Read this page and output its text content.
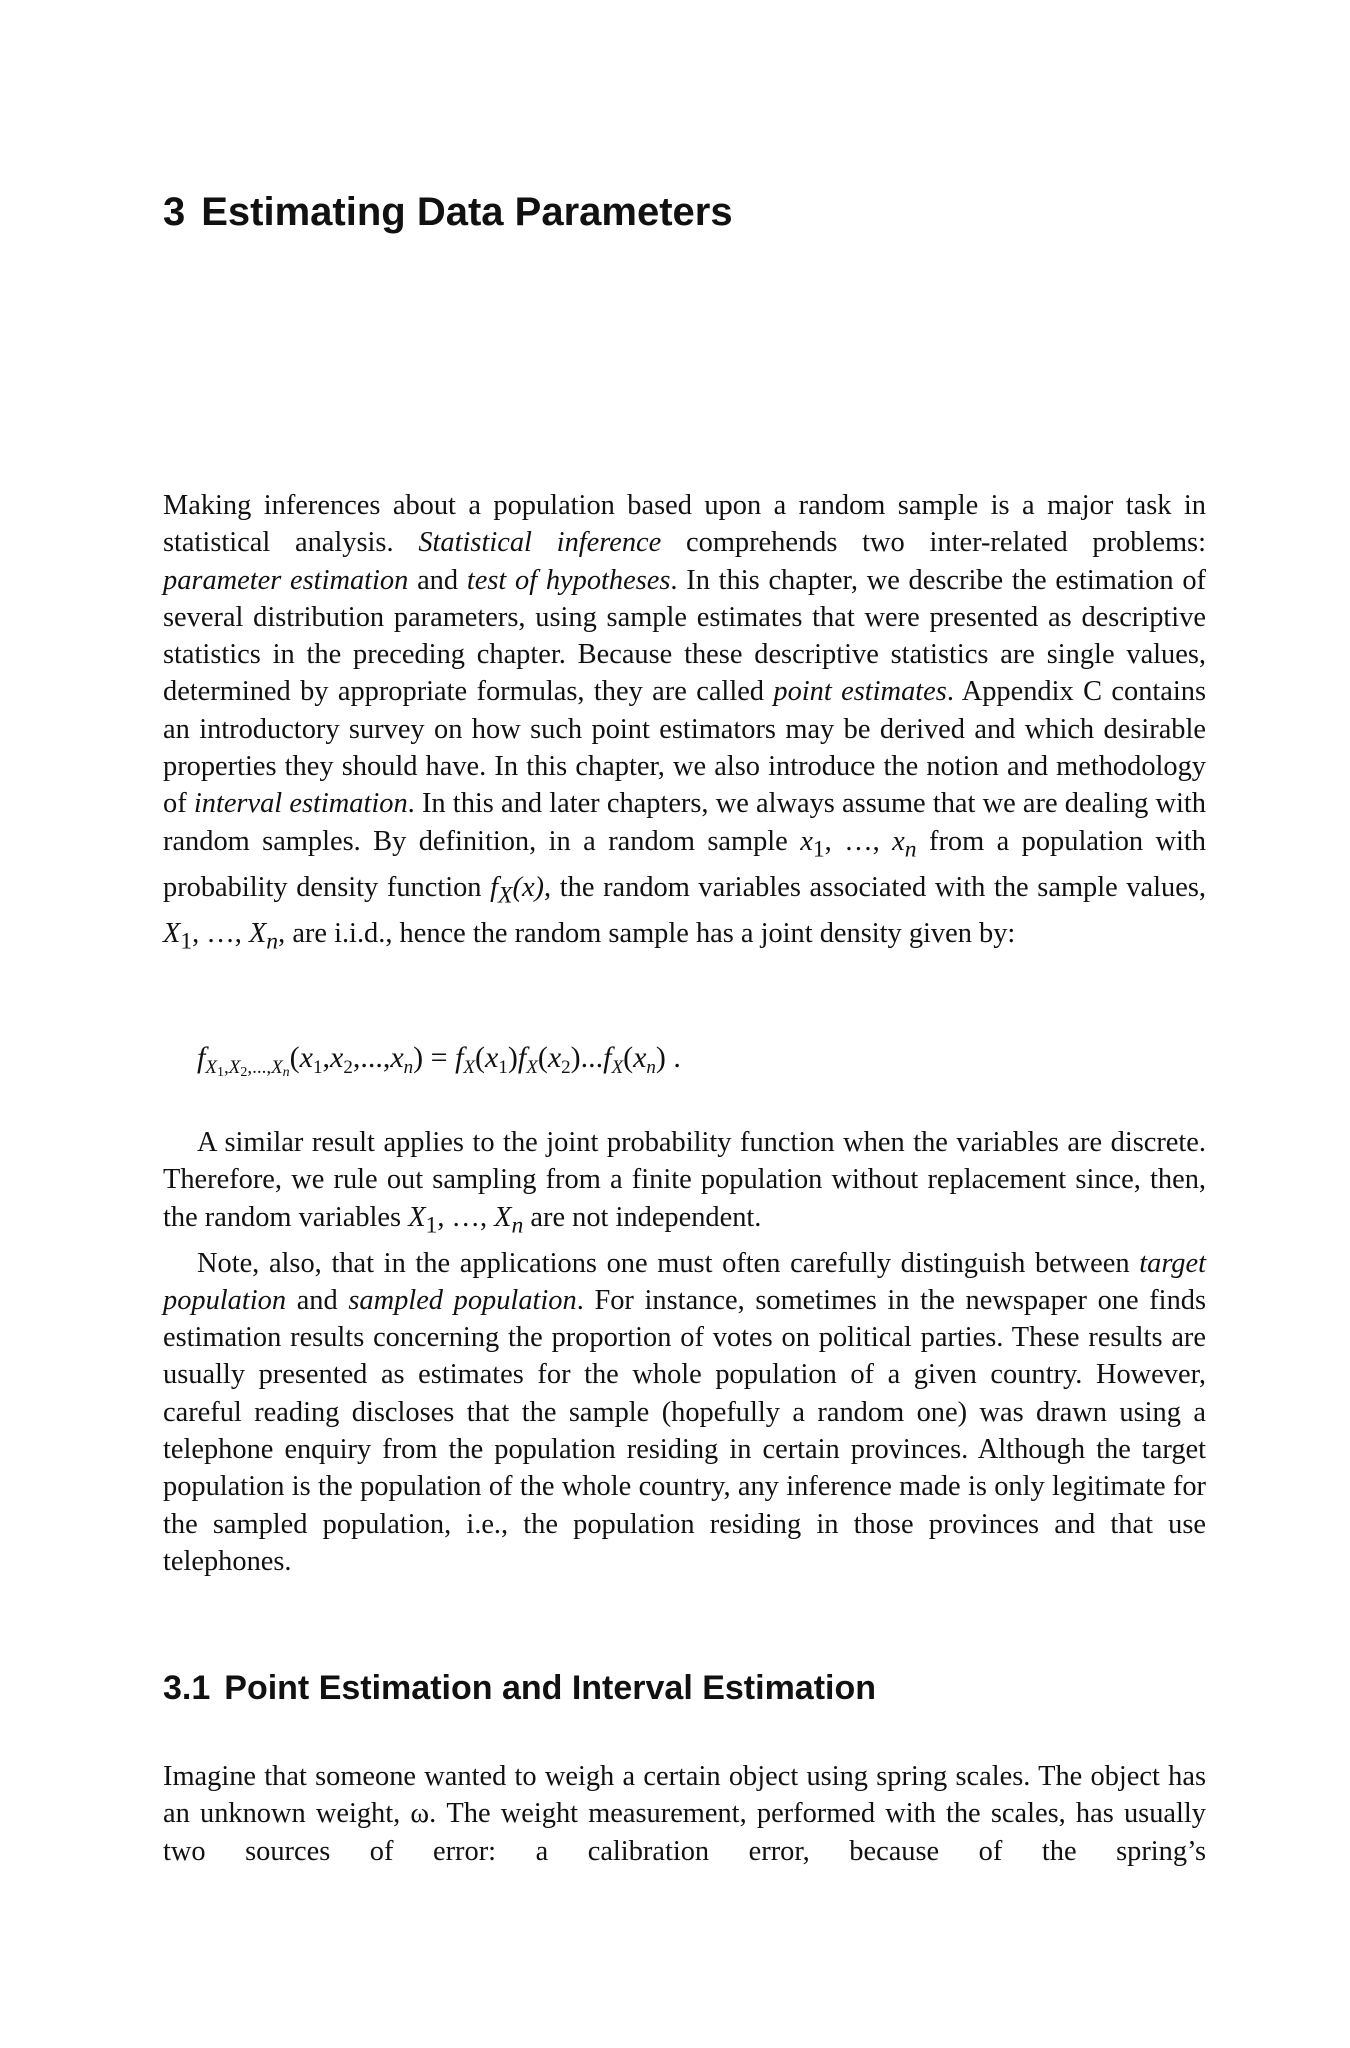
3 Estimating Data Parameters

Making inferences about a population based upon a random sample is a major task in statistical analysis. Statistical inference comprehends two inter-related problems: parameter estimation and test of hypotheses. In this chapter, we describe the estimation of several distribution parameters, using sample estimates that were presented as descriptive statistics in the preceding chapter. Because these descriptive statistics are single values, determined by appropriate formulas, they are called point estimates. Appendix C contains an introductory survey on how such point estimators may be derived and which desirable properties they should have. In this chapter, we also introduce the notion and methodology of interval estimation. In this and later chapters, we always assume that we are dealing with random samples. By definition, in a random sample $x_1$, …, $x_n$ from a population with probability density function $f_X(x)$, the random variables associated with the sample values, $X_1$, …, $X_n$, are i.i.d., hence the random sample has a joint density given by:

$f_{X_1,X_2,...,X_n}(x_1,x_2,...,x_n) = f_X(x_1)f_X(x_2)...f_X(x_n)$ .

A similar result applies to the joint probability function when the variables are discrete. Therefore, we rule out sampling from a finite population without replacement since, then, the random variables $X_1$, …, $X_n$ are not independent.

Note, also, that in the applications one must often carefully distinguish between target population and sampled population. For instance, sometimes in the newspaper one finds estimation results concerning the proportion of votes on political parties. These results are usually presented as estimates for the whole population of a given country. However, careful reading discloses that the sample (hopefully a random one) was drawn using a telephone enquiry from the population residing in certain provinces. Although the target population is the population of the whole country, any inference made is only legitimate for the sampled population, i.e., the population residing in those provinces and that use telephones.

3.1 Point Estimation and Interval Estimation

Imagine that someone wanted to weigh a certain object using spring scales. The object has an unknown weight, ω. The weight measurement, performed with the scales, has usually two sources of error: a calibration error, because of the spring’s
